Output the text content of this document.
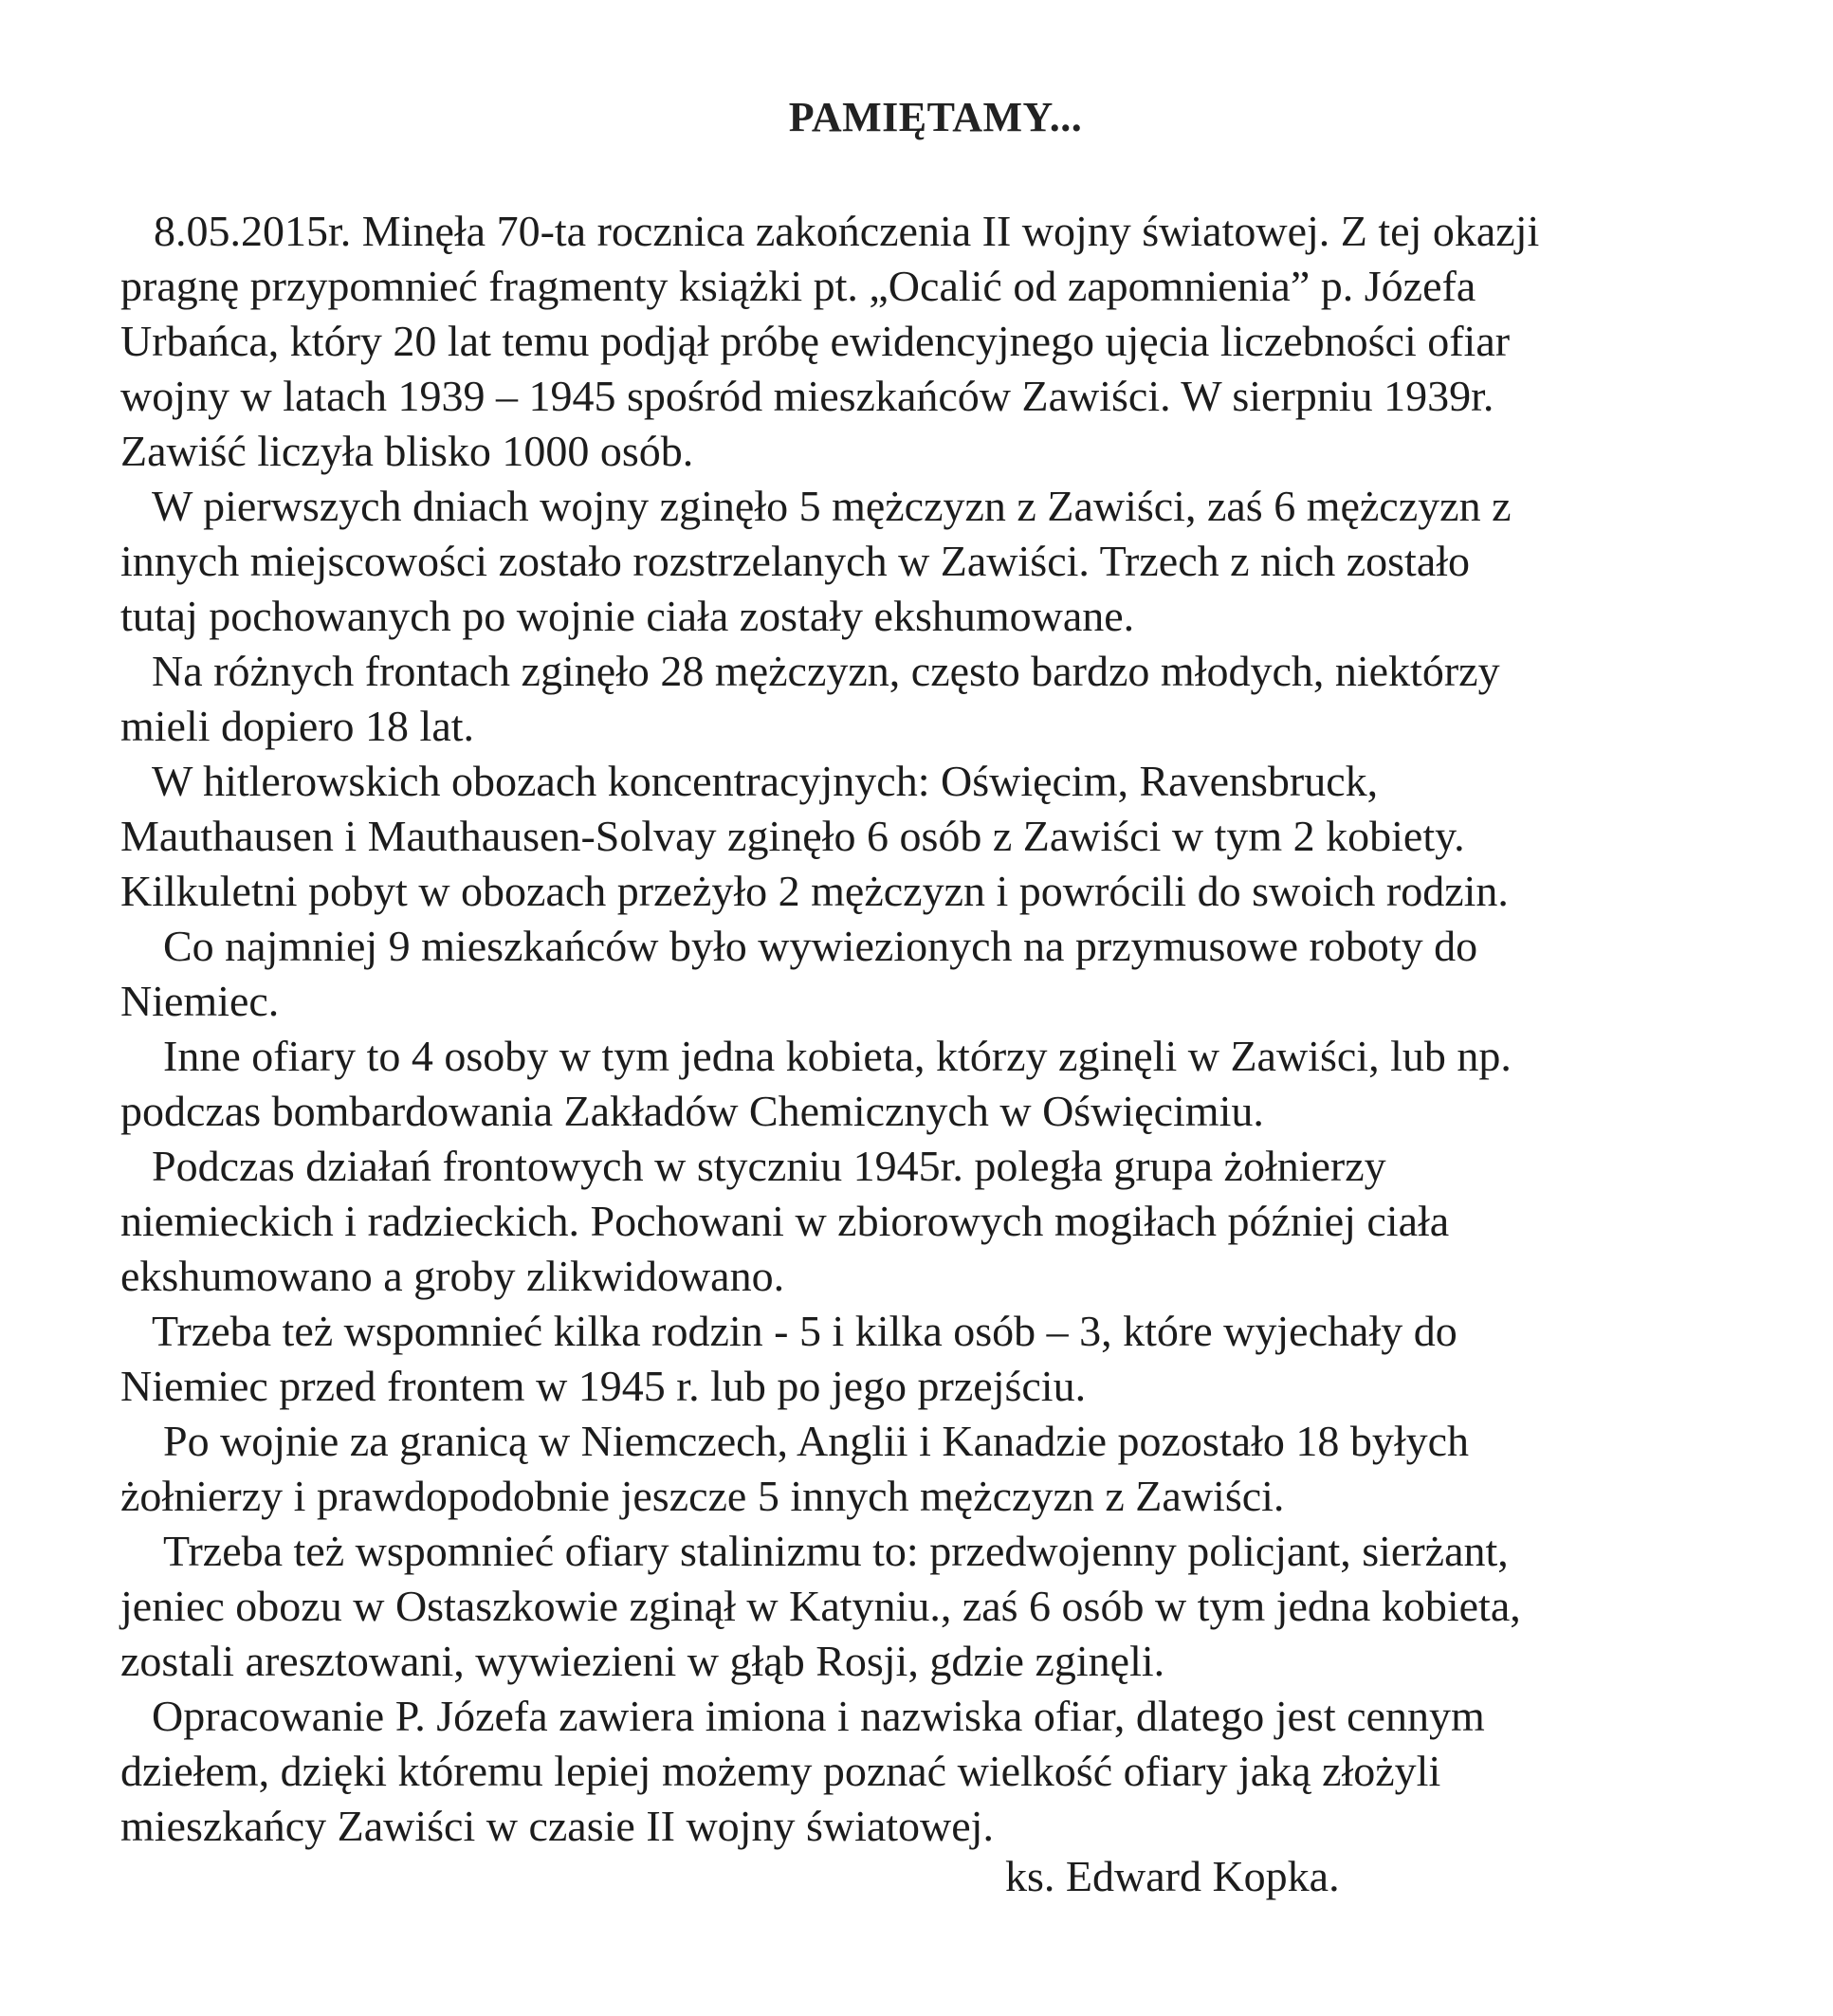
PAMIĘTAMY...
8.05.2015r. Minęła 70-ta rocznica zakończenia II wojny światowej. Z tej okazji
pragnę przypomnieć fragmenty książki pt. „Ocalić od zapomnienia” p. Józefa
Urbańca, który 20 lat temu podjął próbę ewidencyjnego ujęcia liczebności ofiar
wojny w latach 1939 – 1945 spośród mieszkańców Zawiści. W sierpniu 1939r.
Zawiść liczyła blisko 1000 osób.
W pierwszych dniach wojny zginęło 5 mężczyzn z Zawiści, zaś 6 mężczyzn z
innych miejscowości zostało rozstrzelanych w Zawiści. Trzech z nich zostało
tutaj pochowanych po wojnie ciała zostały ekshumowane.
Na różnych frontach zginęło 28 mężczyzn, często bardzo młodych, niektórzy
mieli dopiero 18 lat.
W hitlerowskich obozach koncentracyjnych: Oświęcim, Ravensbruck,
Mauthausen i Mauthausen-Solvay zginęło 6 osób z Zawiści w tym 2 kobiety.
Kilkuletni pobyt w obozach przeżyło 2 mężczyzn i powrócili do swoich rodzin.
Co najmniej 9 mieszkańców było wywiezionych na przymusowe roboty do
Niemiec.
Inne ofiary to 4 osoby w tym jedna kobieta, którzy zginęli w Zawiści, lub np.
podczas bombardowania Zakładów Chemicznych w Oświęcimiu.
Podczas działań frontowych w styczniu 1945r. poległa grupa żołnierzy
niemieckich i radzieckich. Pochowani w zbiorowych mogiłach później ciała
ekshumowano a groby zlikwidowano.
Trzeba też wspomnieć kilka rodzin - 5 i kilka osób – 3, które wyjechały do
Niemiec przed frontem w 1945 r. lub po jego przejściu.
Po wojnie za granicą w Niemczech, Anglii i Kanadzie pozostało 18 byłych
żołnierzy i prawdopodobnie jeszcze 5 innych mężczyzn z Zawiści.
Trzeba też wspomnieć ofiary stalinizmu to: przedwojenny policjant, sierżant,
jeniec obozu w Ostaszkowie zginął w Katyniu., zaś 6 osób w tym jedna kobieta,
zostali aresztowani, wywiezieni w głąb Rosji, gdzie zginęli.
Opracowanie P. Józefa zawiera imiona i nazwiska ofiar, dlatego jest cennym
dziełem, dzięki któremu lepiej możemy poznać wielkość ofiary jaką złożyli
mieszkańcy Zawiści w czasie II wojny światowej.
ks. Edward Kopka.
